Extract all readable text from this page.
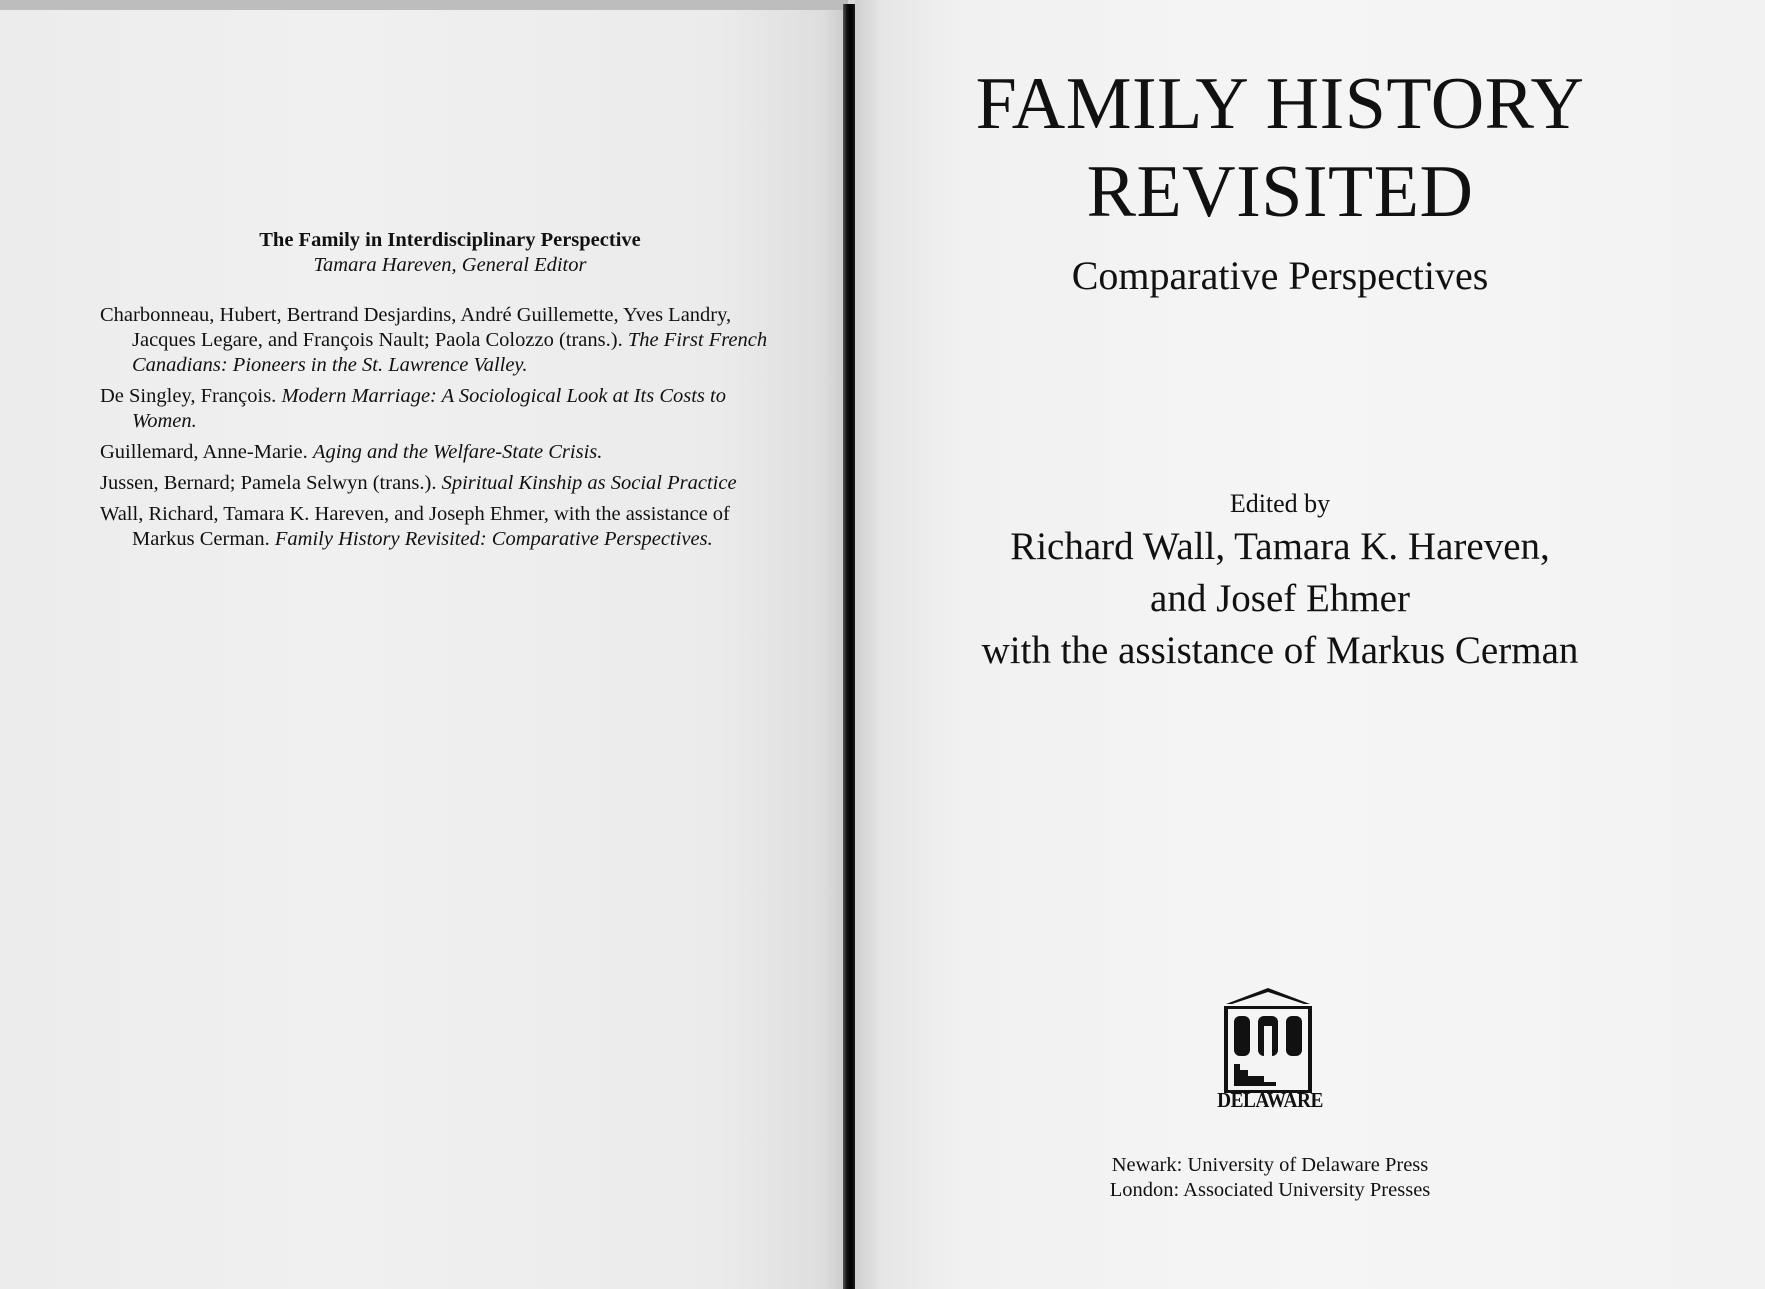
The Family in Interdisciplinary Perspective
Tamara Hareven, General Editor
Charbonneau, Hubert, Bertrand Desjardins, André Guillemette, Yves Landry, Jacques Legare, and François Nault; Paola Colozzo (trans.). The First French Canadians: Pioneers in the St. Lawrence Valley.
De Singley, François. Modern Marriage: A Sociological Look at Its Costs to Women.
Guillemard, Anne-Marie. Aging and the Welfare-State Crisis.
Jussen, Bernard; Pamela Selwyn (trans.). Spiritual Kinship as Social Practice
Wall, Richard, Tamara K. Hareven, and Joseph Ehmer, with the assistance of Markus Cerman. Family History Revisited: Comparative Perspectives.
FAMILY HISTORY
REVISITED
Comparative Perspectives
Edited by
Richard Wall, Tamara K. Hareven,
and Josef Ehmer
with the assistance of Markus Cerman
DELAWARE
Newark: University of Delaware Press
London: Associated University Presses
